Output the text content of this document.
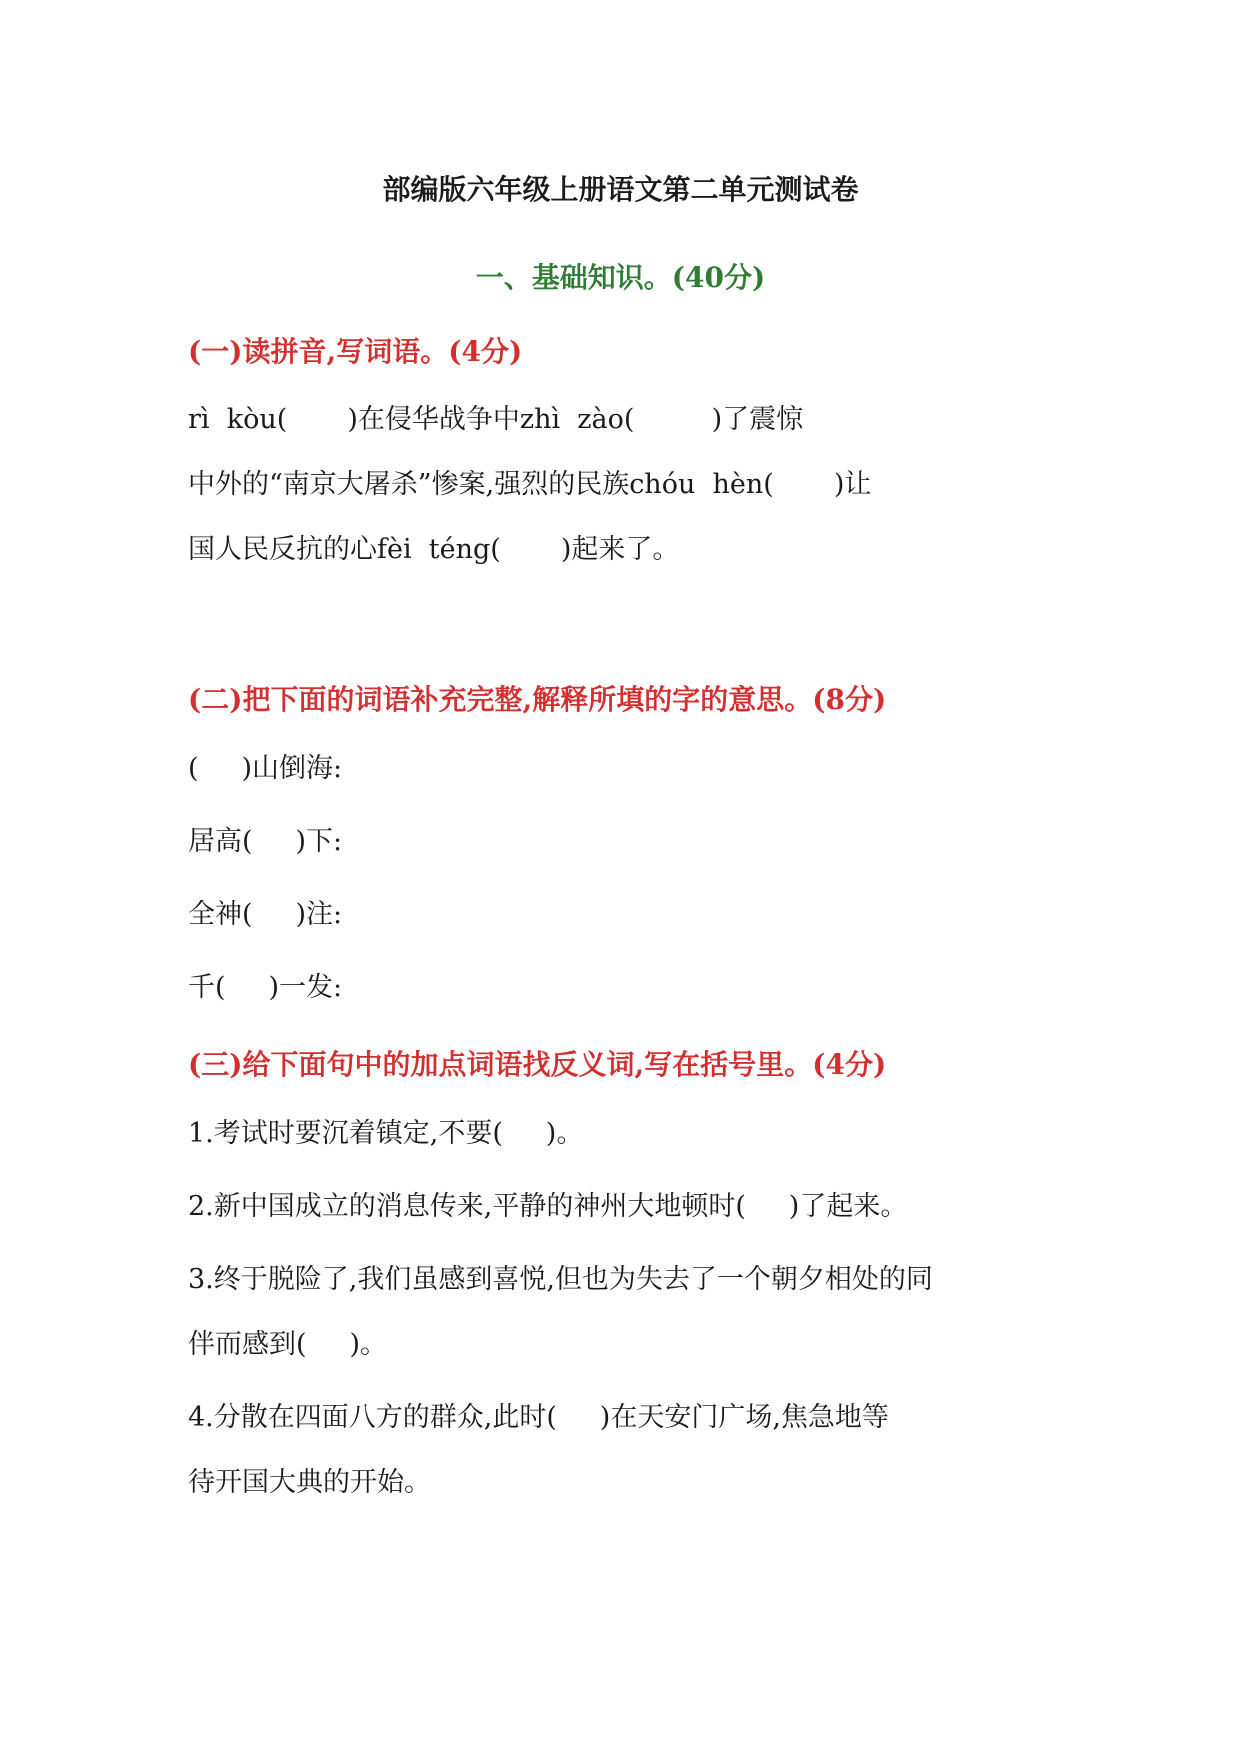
部编版六年级上册语文第二单元测试卷
一、基础知识。(40分)
(一)读拼音,写词语。(4分)

rì  kòu(       )在侵华战争中zhì  zào(         )了震惊

中外的“南京大屠杀”惨案,强烈的民族chóu  hèn(       )让

国人民反抗的心fèi  téng(       )起来了。

(二)把下面的词语补充完整,解释所填的字的意思。(8分)

(     )山倒海:

居高(     )下:

全神(     )注:

千(     )一发:

(三)给下面句中的加点词语找反义词,写在括号里。(4分)

1.考试时要沉着镇定,不要(     )。

2.新中国成立的消息传来,平静的神州大地顿时(     )了起来。

3.终于脱险了,我们虽感到喜悦,但也为失去了一个朝夕相处的同

伴而感到(     )。

4.分散在四面八方的群众,此时(     )在天安门广场,焦急地等

待开国大典的开始。
